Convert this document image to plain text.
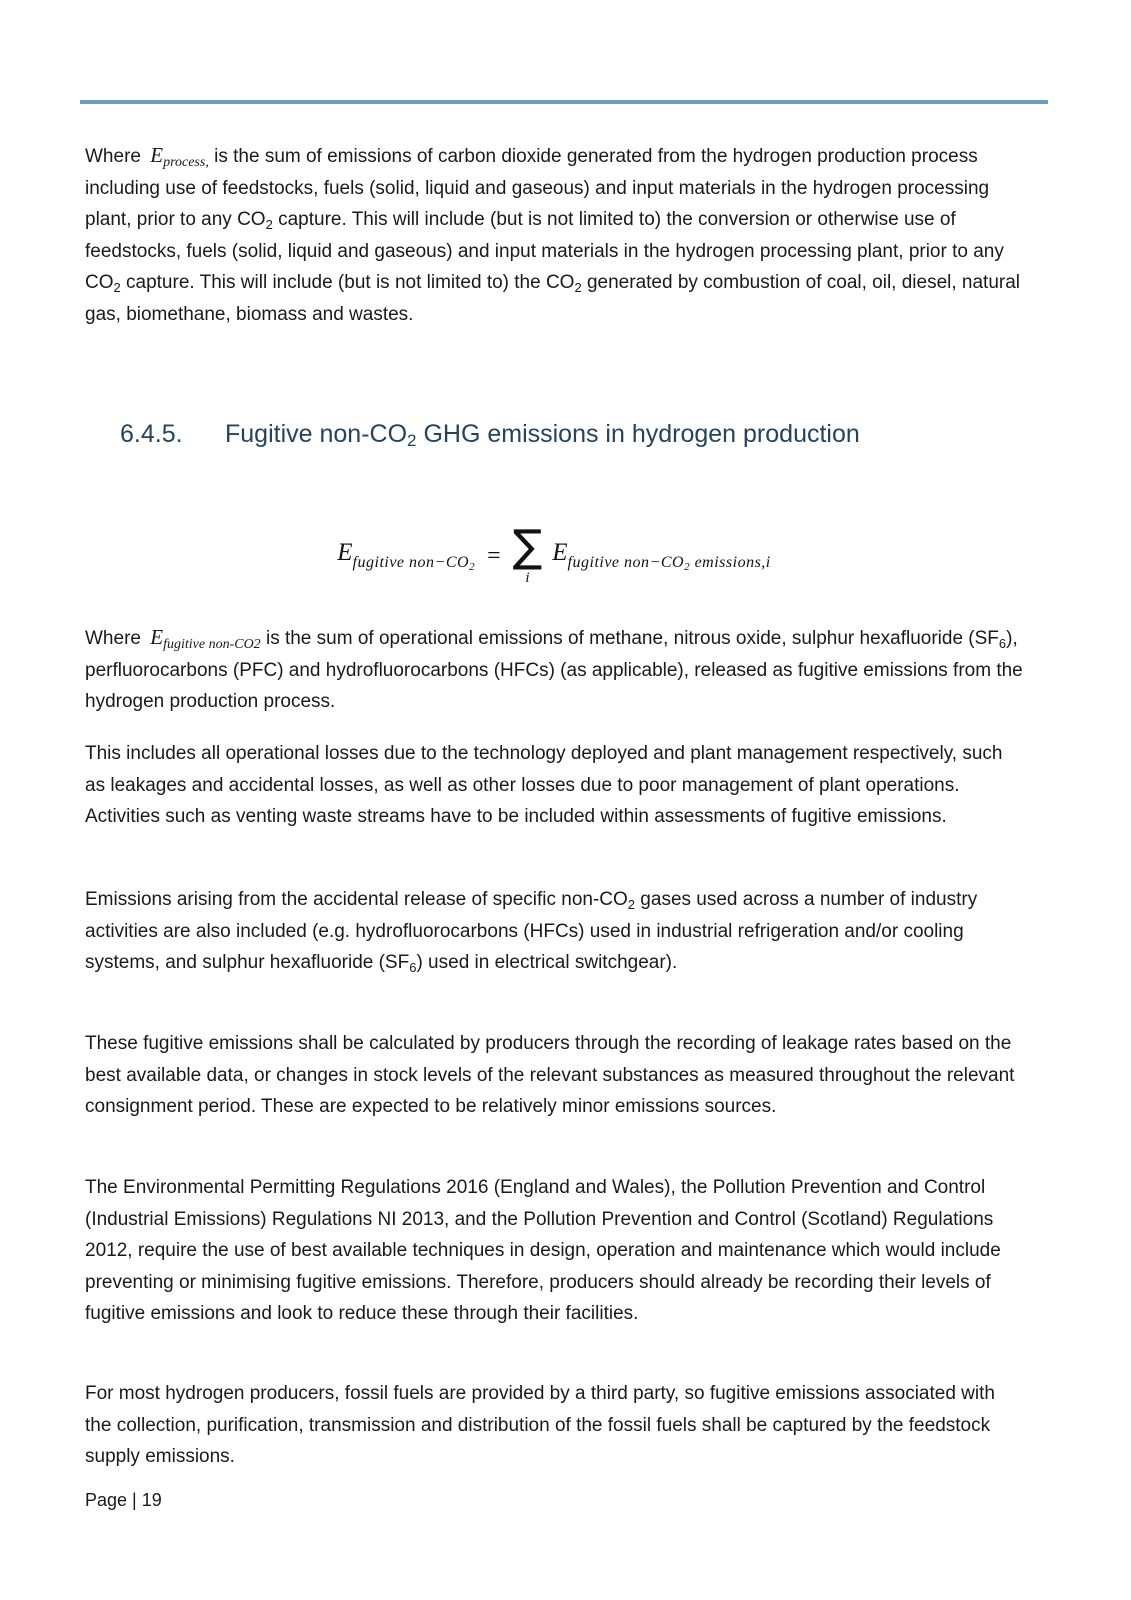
Where $E_{process,}$ is the sum of emissions of carbon dioxide generated from the hydrogen production process including use of feedstocks, fuels (solid, liquid and gaseous) and input materials in the hydrogen processing plant, prior to any $CO_2$ capture. This will include (but is not limited to) the conversion or otherwise use of feedstocks, fuels (solid, liquid and gaseous) and input materials in the hydrogen processing plant, prior to any $CO_2$ capture. This will include (but is not limited to) the $CO_2$ generated by combustion of coal, oil, diesel, natural gas, biomethane, biomass and wastes.

6.4.5. Fugitive non-CO2 GHG emissions in hydrogen production
Efugitive non−CO2 = ∑
i
Efugitive non−CO2 emissions,i

Where $E_{fugitive non-CO2}$ is the sum of operational emissions of methane, nitrous oxide, sulphur hexafluoride $(SF_6)$, perfluorocarbons (PFC) and hydrofluorocarbons (HFCs) (as applicable), released as fugitive emissions from the hydrogen production process.

This includes all operational losses due to the technology deployed and plant management respectively, such as leakages and accidental losses, as well as other losses due to poor management of plant operations. Activities such as venting waste streams have to be included within assessments of fugitive emissions.

Emissions arising from the accidental release of specific non-$CO_2$ gases used across a number of industry activities are also included (e.g. hydrofluorocarbons (HFCs) used in industrial refrigeration and/or cooling systems, and sulphur hexafluoride $(SF_6)$ used in electrical switchgear).

These fugitive emissions shall be calculated by producers through the recording of leakage rates based on the best available data, or changes in stock levels of the relevant substances as measured throughout the relevant consignment period. These are expected to be relatively minor emissions sources.

The Environmental Permitting Regulations 2016 (England and Wales), the Pollution Prevention and Control (Industrial Emissions) Regulations NI 2013, and the Pollution Prevention and Control (Scotland) Regulations 2012, require the use of best available techniques in design, operation and maintenance which would include preventing or minimising fugitive emissions. Therefore, producers should already be recording their levels of fugitive emissions and look to reduce these through their facilities.

For most hydrogen producers, fossil fuels are provided by a third party, so fugitive emissions associated with the collection, purification, transmission and distribution of the fossil fuels shall be captured by the feedstock supply emissions.

Page | 19
